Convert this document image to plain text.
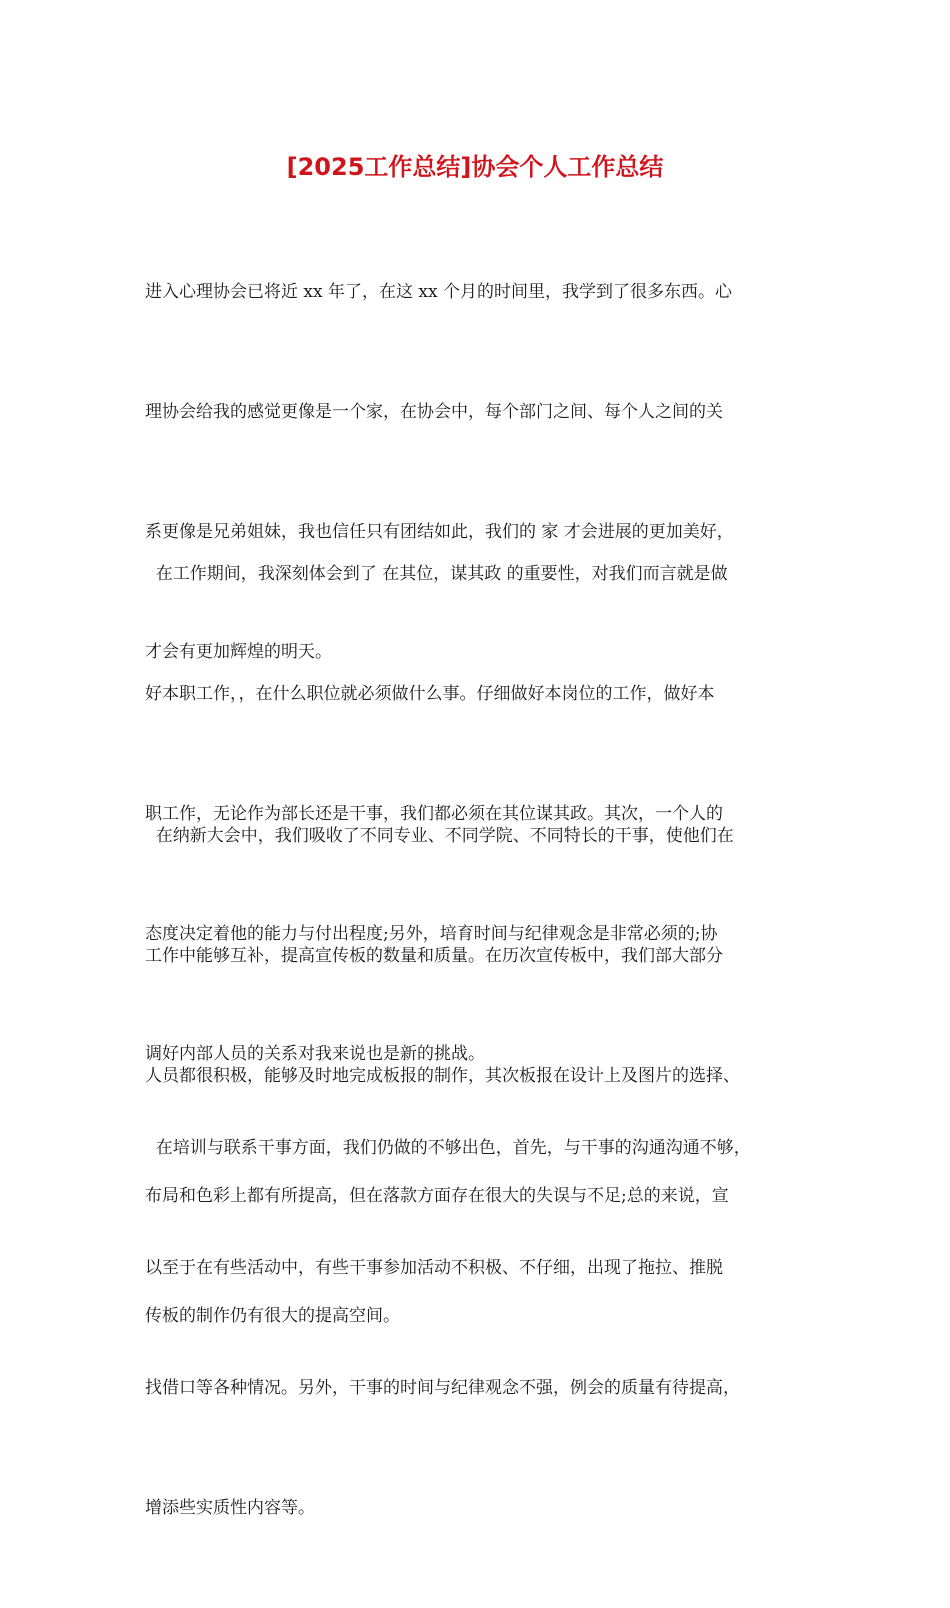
[2025工作总结]协会个人工作总结

进入心理协会已将近 xx 年了，在这 xx 个月的时间里，我学到了很多东西。心

理协会给我的感觉更像是一个家，在协会中，每个部门之间、每个人之间的关

系更像是兄弟姐妹，我也信任只有团结如此，我们的 家 才会进展的更加美好，

才会有更加辉煌的明天。

在工作期间，我深刻体会到了 在其位，谋其政 的重要性，对我们而言就是做

好本职工作，，在什么职位就必须做什么事。仔细做好本岗位的工作，做好本

职工作，无论作为部长还是干事，我们都必须在其位谋其政。其次，一个人的

态度决定着他的能力与付出程度;另外，培育时间与纪律观念是非常必须的;协

调好内部人员的关系对我来说也是新的挑战。

在纳新大会中，我们吸收了不同专业、不同学院、不同特长的干事，使他们在

工作中能够互补，提高宣传板的数量和质量。在历次宣传板中，我们部大部分

人员都很积极，能够及时地完成板报的制作，其次板报在设计上及图片的选择、

布局和色彩上都有所提高，但在落款方面存在很大的失误与不足;总的来说，宣

传板的制作仍有很大的提高空间。

在培训与联系干事方面，我们仍做的不够出色，首先，与干事的沟通沟通不够，

以至于在有些活动中，有些干事参加活动不积极、不仔细，出现了拖拉、推脱

找借口等各种情况。另外，干事的时间与纪律观念不强，例会的质量有待提高，

增添些实质性内容等。
